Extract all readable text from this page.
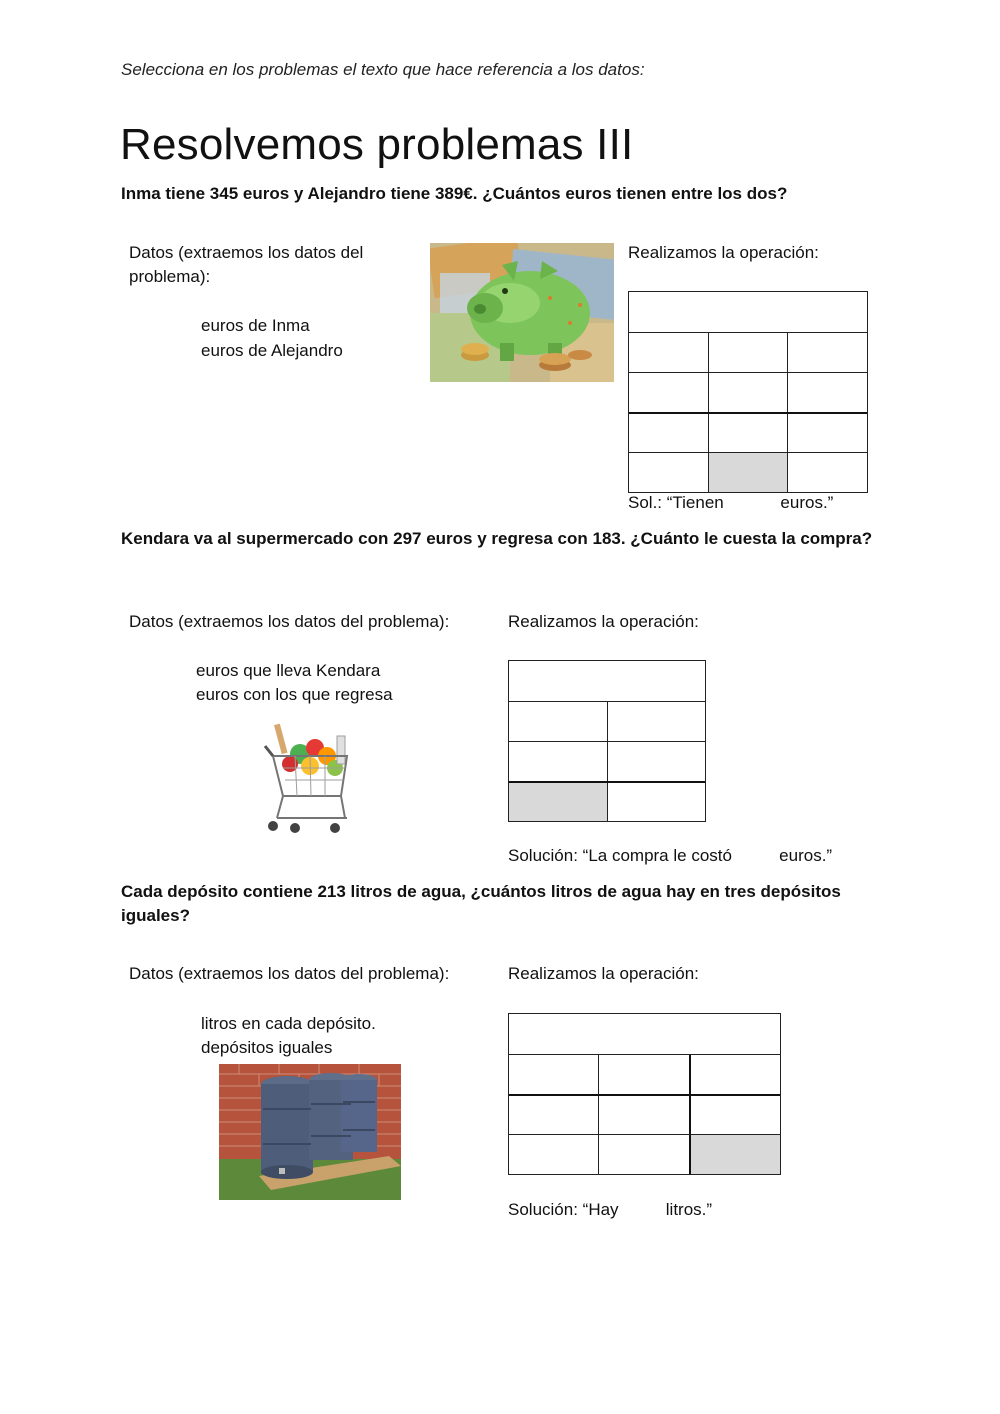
Selecciona en los problemas el texto que hace referencia a los datos:
Resolvemos problemas III
Inma tiene 345 euros y Alejandro tiene 389€. ¿Cuántos euros tienen entre los dos?
Datos (extraemos los datos del problema):
euros de Inma
euros de Alejandro
Realizamos la operación:
Sol.: “Tienen            euros.”
Kendara va al supermercado con 297 euros y regresa con 183. ¿Cuánto le cuesta la compra?
Datos (extraemos los datos del problema):
euros que lleva Kendara
euros con los que regresa
Realizamos la operación:
Solución: “La compra le costó          euros.”
Cada depósito contiene 213 litros de agua, ¿cuántos litros de agua hay en tres depósitos iguales?
Datos (extraemos los datos del problema):
litros en cada depósito.
depósitos iguales
Realizamos la operación:
Solución: “Hay          litros.”
